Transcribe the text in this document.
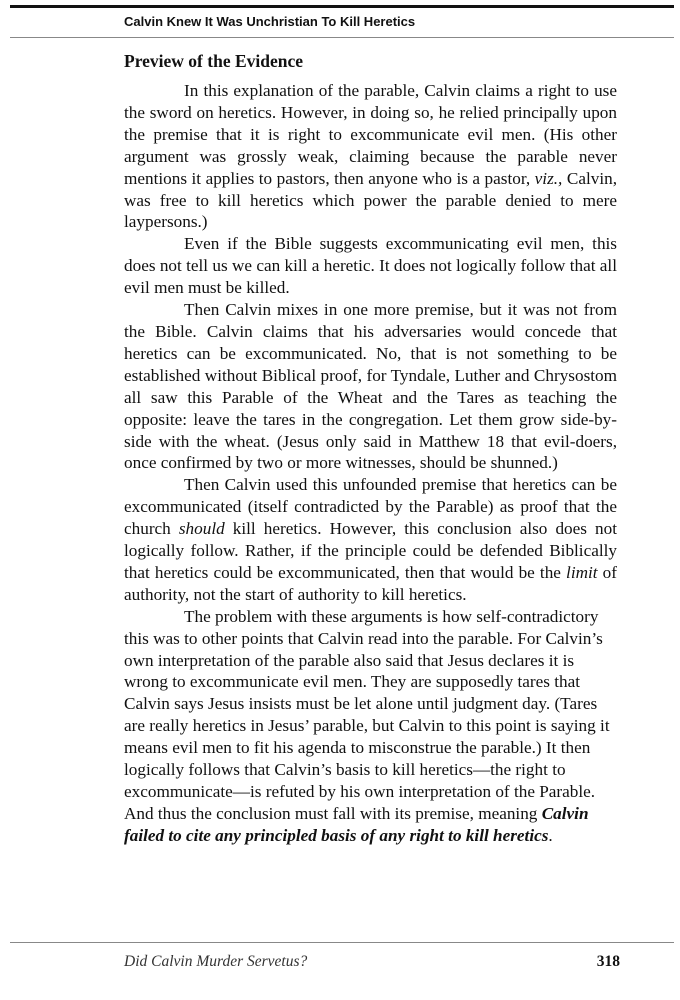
Calvin Knew It Was Unchristian To Kill Heretics
Preview of the Evidence

In this explanation of the parable, Calvin claims a right to use the sword on heretics. However, in doing so, he relied principally upon the premise that it is right to excommunicate evil men. (His other argument was grossly weak, claiming because the parable never mentions it applies to pastors, then anyone who is a pastor, viz., Calvin, was free to kill heretics which power the parable denied to mere laypersons.)

Even if the Bible suggests excommunicating evil men, this does not tell us we can kill a heretic. It does not logically follow that all evil men must be killed.

Then Calvin mixes in one more premise, but it was not from the Bible. Calvin claims that his adversaries would concede that heretics can be excommunicated. No, that is not something to be established without Biblical proof, for Tyndale, Luther and Chrysostom all saw this Parable of the Wheat and the Tares as teaching the opposite: leave the tares in the congregation. Let them grow side-by-side with the wheat. (Jesus only said in Matthew 18 that evil-doers, once confirmed by two or more witnesses, should be shunned.)

Then Calvin used this unfounded premise that heretics can be excommunicated (itself contradicted by the Parable) as proof that the church should kill heretics. However, this conclusion also does not logically follow. Rather, if the principle could be defended Biblically that heretics could be excommunicated, then that would be the limit of authority, not the start of authority to kill heretics.

The problem with these arguments is how self-contradictory this was to other points that Calvin read into the parable. For Calvin’s own interpretation of the parable also said that Jesus declares it is wrong to excommunicate evil men. They are supposedly tares that Calvin says Jesus insists must be let alone until judgment day. (Tares are really heretics in Jesus’ parable, but Calvin to this point is saying it means evil men to fit his agenda to misconstrue the parable.) It then logically follows that Calvin’s basis to kill heretics—the right to excommunicate—is refuted by his own interpretation of the Parable. And thus the conclusion must fall with its premise, meaning Calvin failed to cite any principled basis of any right to kill heretics.

Did Calvin Murder Servetus?	318
